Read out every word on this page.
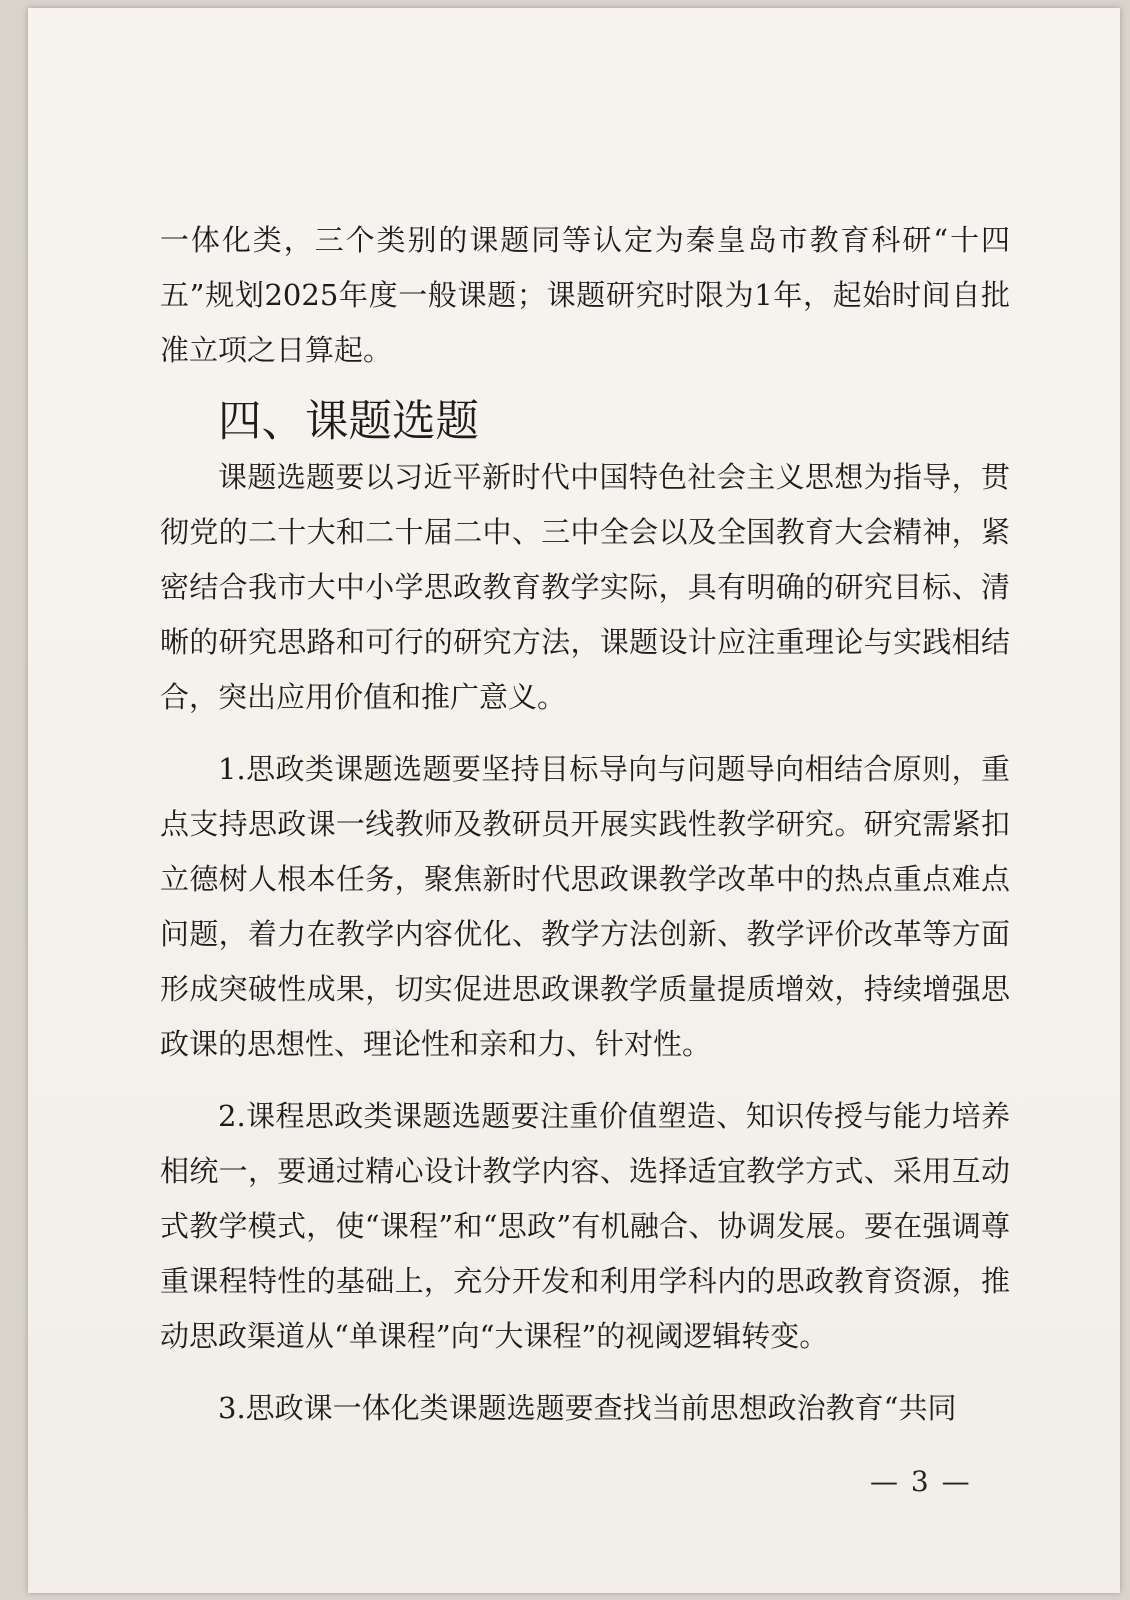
一体化类，三个类别的课题同等认定为秦皇岛市教育科研“十四五”规划2025年度一般课题；课题研究时限为1年，起始时间自批准立项之日算起。

四、课题选题

课题选题要以习近平新时代中国特色社会主义思想为指导，贯彻党的二十大和二十届二中、三中全会以及全国教育大会精神，紧密结合我市大中小学思政教育教学实际，具有明确的研究目标、清晰的研究思路和可行的研究方法，课题设计应注重理论与实践相结合，突出应用价值和推广意义。

1.思政类课题选题要坚持目标导向与问题导向相结合原则，重点支持思政课一线教师及教研员开展实践性教学研究。研究需紧扣立德树人根本任务，聚焦新时代思政课教学改革中的热点重点难点问题，着力在教学内容优化、教学方法创新、教学评价改革等方面形成突破性成果，切实促进思政课教学质量提质增效，持续增强思政课的思想性、理论性和亲和力、针对性。

2.课程思政类课题选题要注重价值塑造、知识传授与能力培养相统一，要通过精心设计教学内容、选择适宜教学方式、采用互动式教学模式，使“课程”和“思政”有机融合、协调发展。要在强调尊重课程特性的基础上，充分开发和利用学科内的思政教育资源，推动思政渠道从“单课程”向“大课程”的视阈逻辑转变。

3.思政课一体化类课题选题要查找当前思想政治教育“共同

— 3 —
